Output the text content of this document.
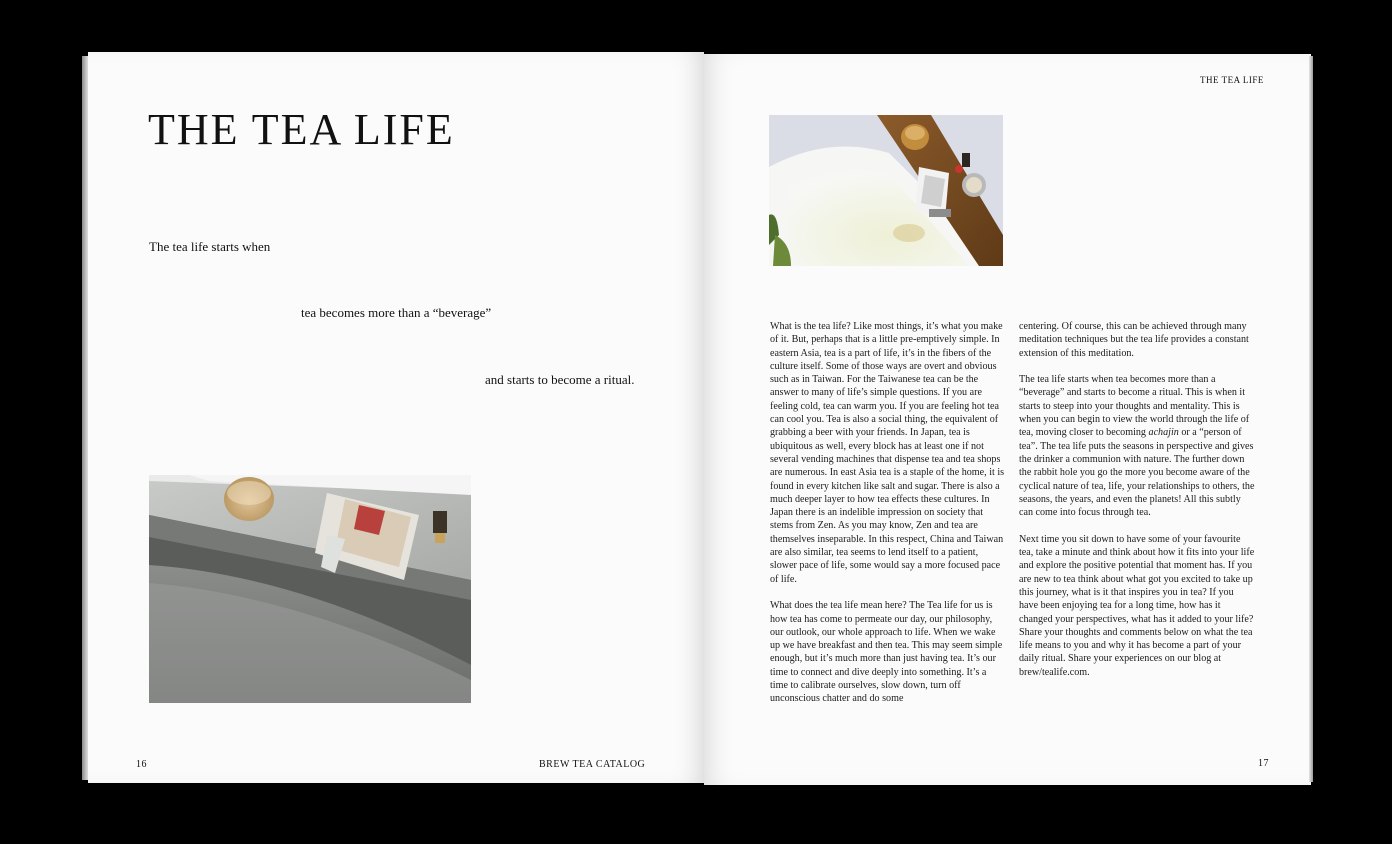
THE TEA LIFE
The tea life starts when
tea becomes more than a “beverage”
and starts to become a ritual.
16	BREW TEA CATALOG
THE TEA LIFE

What is the tea life? Like most things, it’s what you make of it. But, perhaps that is a little pre-emptively simple. In eastern Asia, tea is a part of life, it’s in the fibers of the culture itself. Some of those ways are overt and obvious such as in Taiwan. For the Taiwanese tea can be the answer to many of life’s simple questions. If you are feeling cold, tea can warm you. If you are feeling hot tea can cool you. Tea is also a social thing, the equivalent of grabbing a beer with your friends. In Japan, tea is ubiquitous as well, every block has at least one if not several vending machines that dispense tea and tea shops are numerous. In east Asia tea is a staple of the home, it is found in every kitchen like salt and sugar. There is also a much deeper layer to how tea effects these cultures. In Japan there is an indelible impression on society that stems from Zen. As you may know, Zen and tea are themselves inseparable. In this respect, China and Taiwan are also similar, tea seems to lend itself to a patient, slower pace of life, some would say a more focused pace of life.

What does the tea life mean here? The Tea life for us is how tea has come to permeate our day, our philosophy, our outlook, our whole approach to life. When we wake up we have breakfast and then tea. This may seem simple enough, but it’s much more than just having tea. It’s our time to connect and dive deeply into something. It’s a time to calibrate ourselves, slow down, turn off unconscious chatter and do some

centering. Of course, this can be achieved through many meditation techniques but the tea life provides a constant extension of this meditation.

The tea life starts when tea becomes more than a “beverage” and starts to become a ritual. This is when it starts to steep into your thoughts and mentality. This is when you can begin to view the world through the life of tea, moving closer to becoming achajin or a “person of tea”. The tea life puts the seasons in perspective and gives the drinker a communion with nature. The further down the rabbit hole you go the more you become aware of the cyclical nature of tea, life, your relationships to others, the seasons, the years, and even the planets! All this subtly can come into focus through tea.

Next time you sit down to have some of your favourite tea, take a minute and think about how it fits into your life and explore the positive potential that moment has. If you are new to tea think about what got you excited to take up this journey, what is it that inspires you in tea? If you have been enjoying tea for a long time, how has it changed your perspectives, what has it added to your life? Share your thoughts and comments below on what the tea life means to you and why it has become a part of your daily ritual. Share your experiences on our blog at brew/tealife.com.

17
